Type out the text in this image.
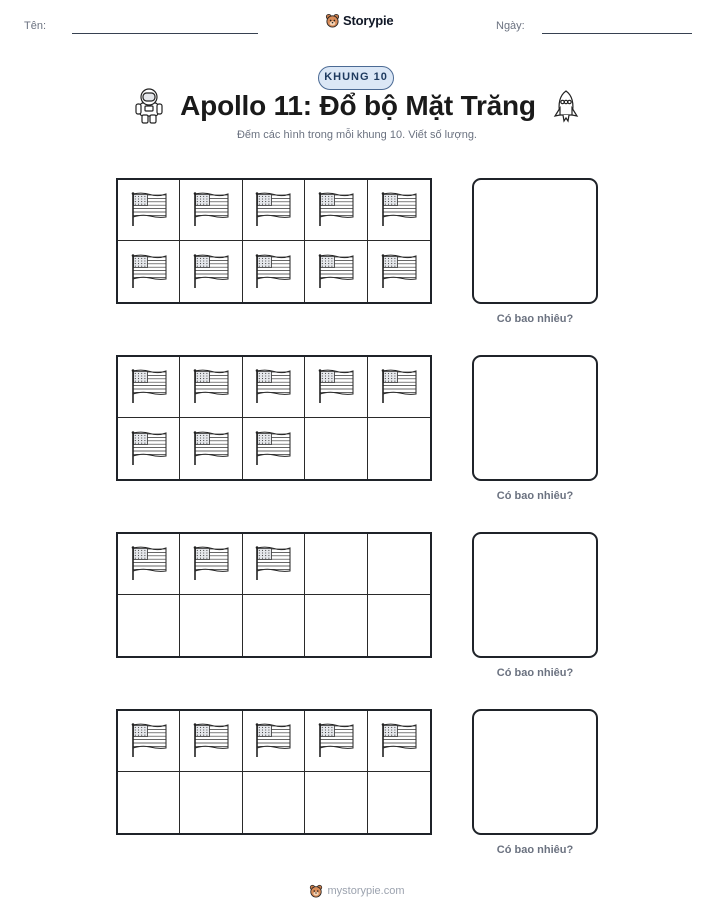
Tên:	Storypie	Ngày:
KHUNG 10
Apollo 11: Đổ bộ Mặt Trăng
Đếm các hình trong mỗi khung 10. Viết số lượng.
Có bao nhiêu?
Có bao nhiêu?
Có bao nhiêu?
Có bao nhiêu?
mystorypie.com
